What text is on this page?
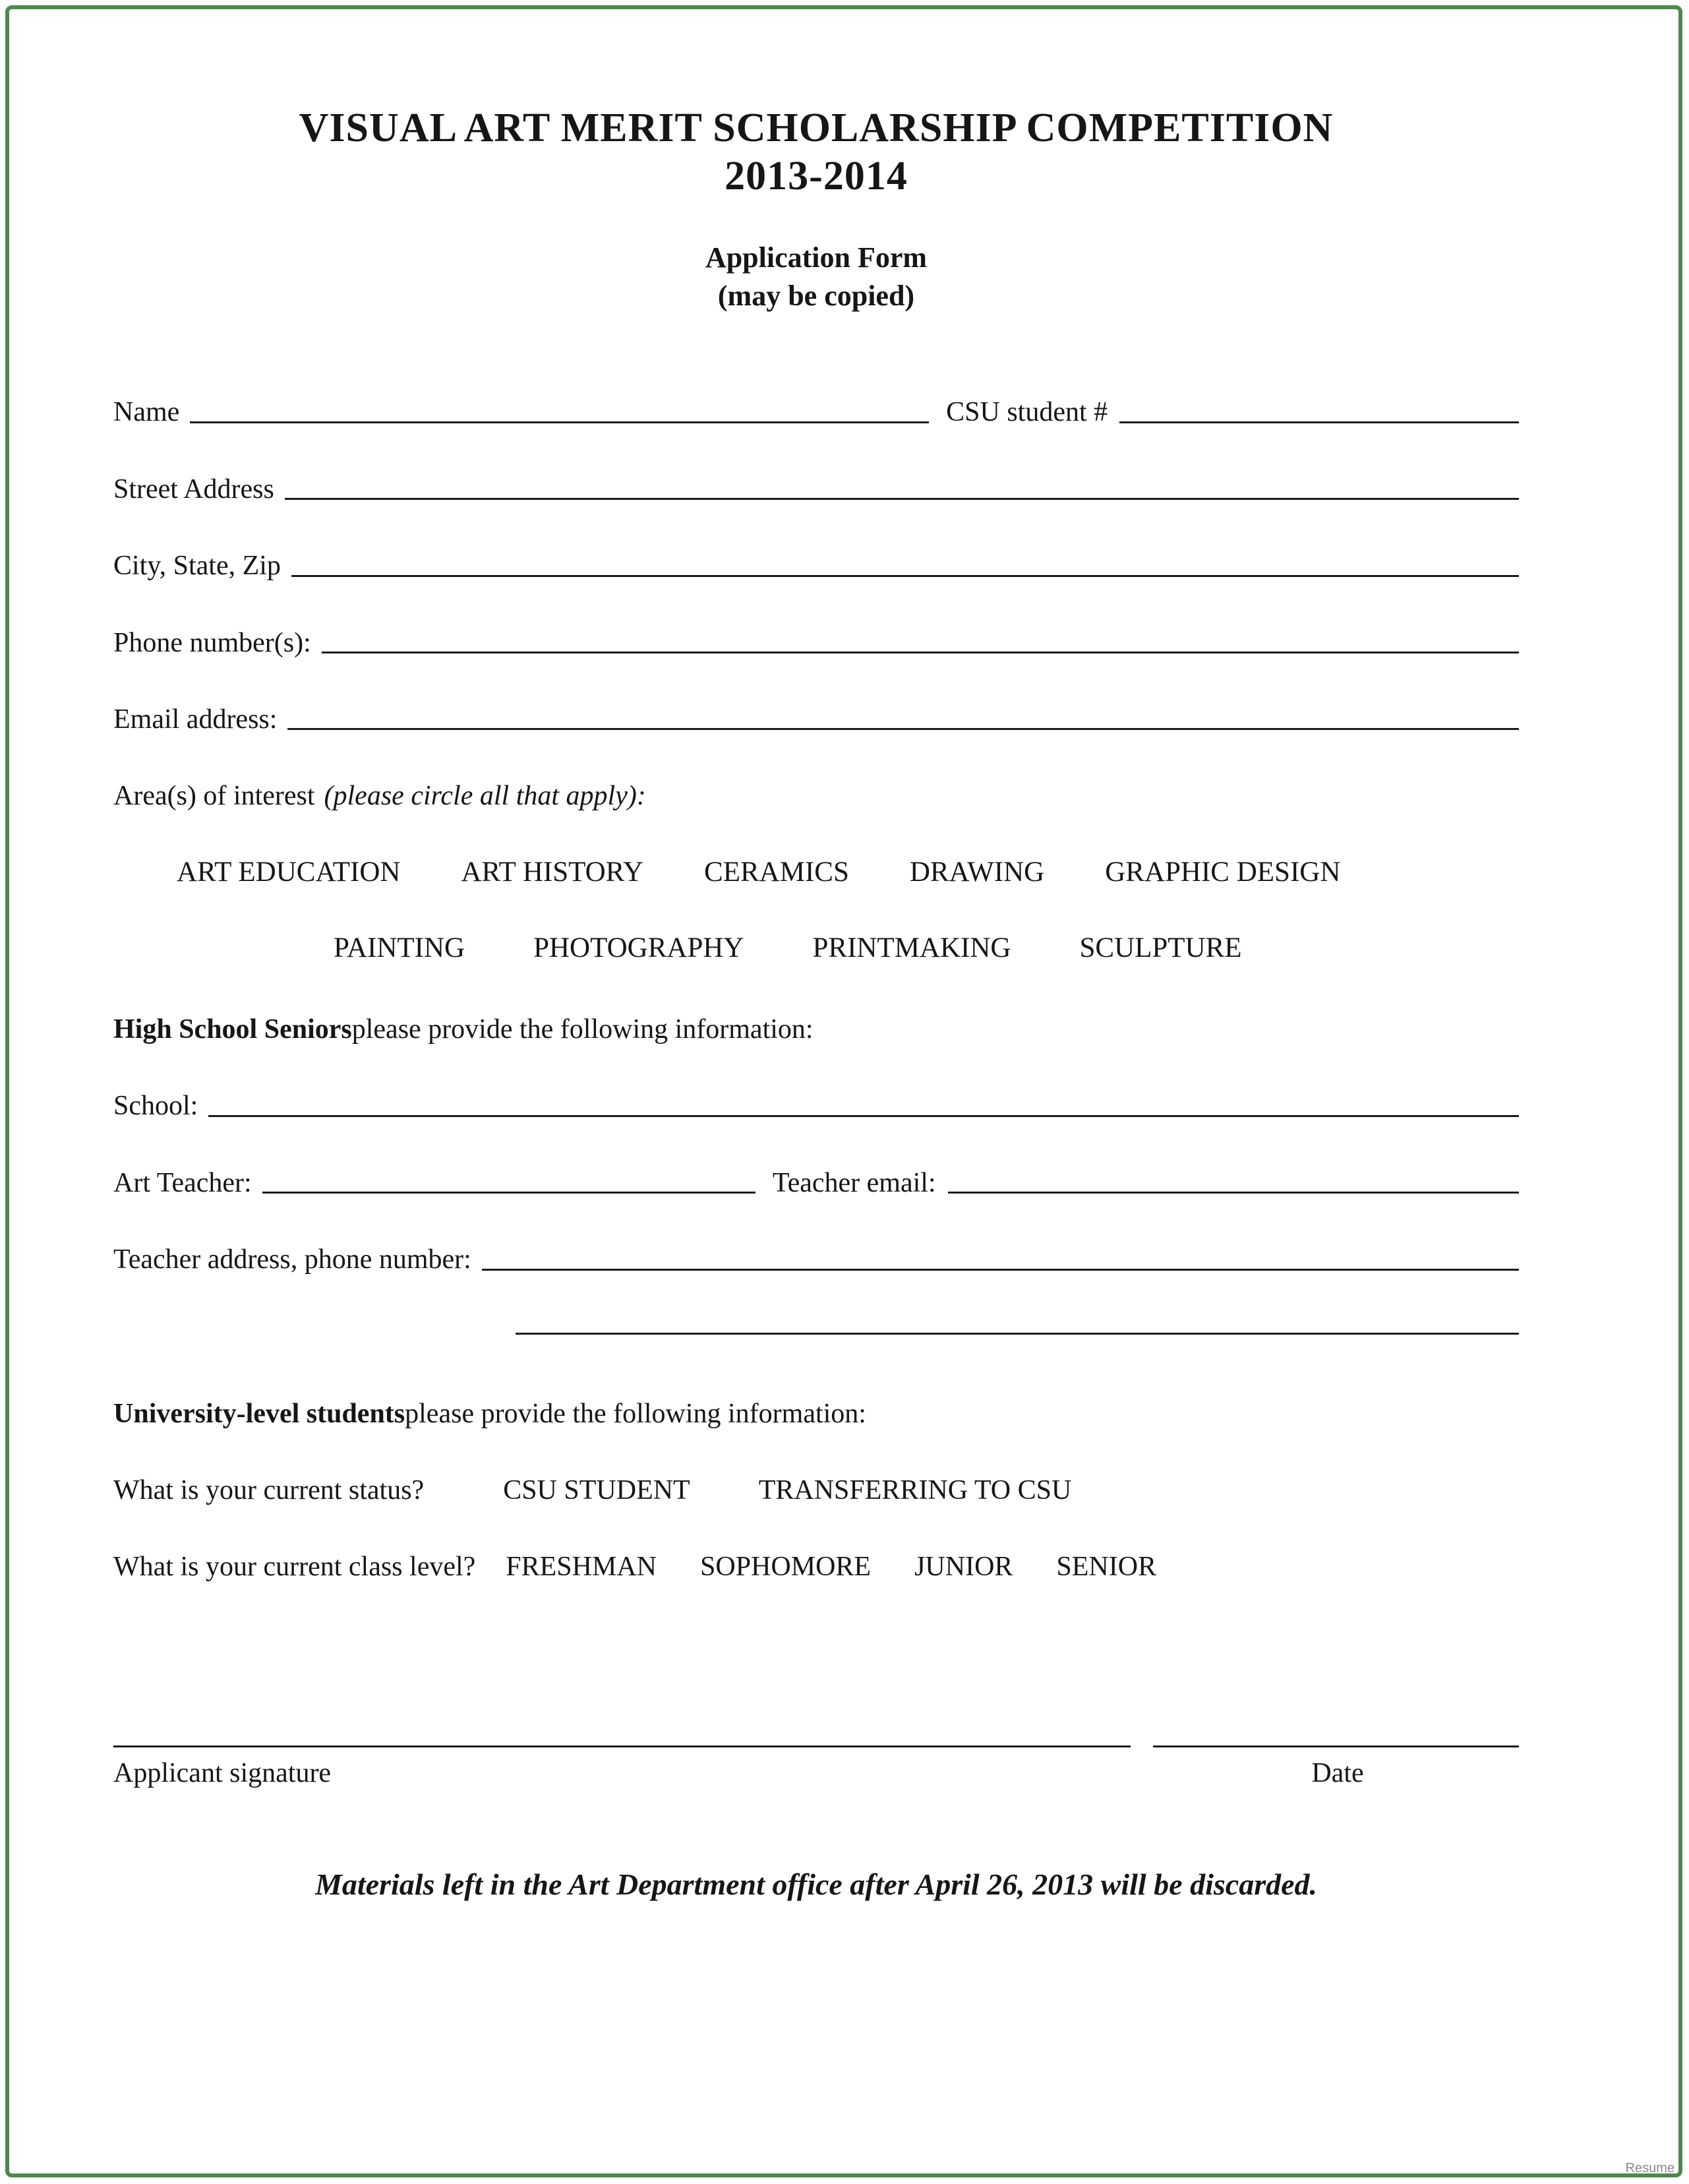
VISUAL ART MERIT SCHOLARSHIP COMPETITION
2013-2014
Application Form
(may be copied)
Name	CSU student #
Street Address
City, State, Zip
Phone number(s):
Email address:
Area(s) of interest (please circle all that apply):
ART EDUCATION ART HISTORY CERAMICS DRAWING GRAPHIC DESIGN
PAINTING PHOTOGRAPHY PRINTMAKING SCULPTURE
High School Seniors please provide the following information:
School:
Art Teacher:	Teacher email:
Teacher address, phone number:
University-level students please provide the following information:
What is your current status?	CSU STUDENT TRANSFERRING TO CSU
What is your current class level? FRESHMAN SOPHOMORE JUNIOR SENIOR
Applicant signature	Date
Materials left in the Art Department office after April 26, 2013 will be discarded.
Resume
